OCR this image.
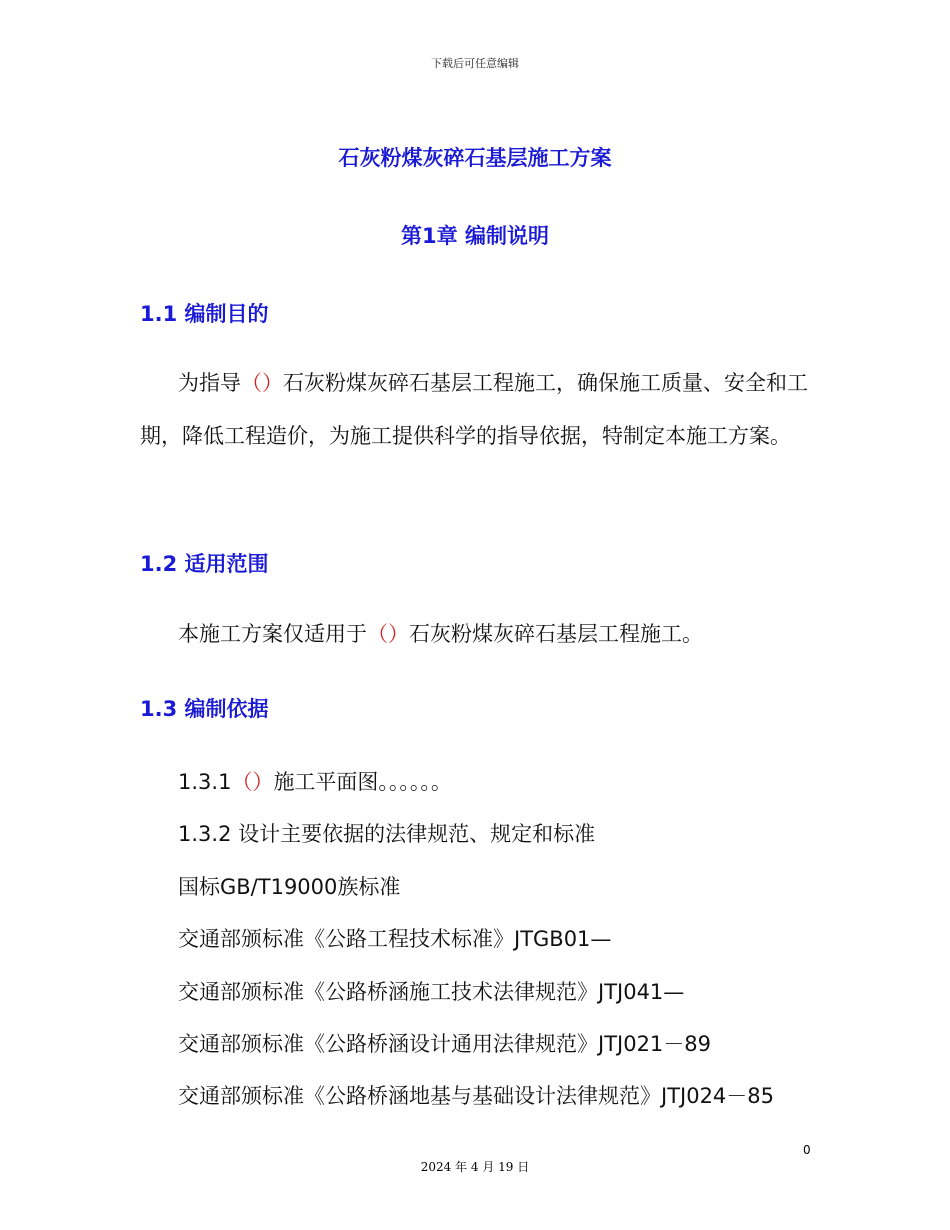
下载后可任意编辑
石灰粉煤灰碎石基层施工方案
第1章 编制说明
1.1 编制目的
为指导（）石灰粉煤灰碎石基层工程施工，确保施工质量、安全和工期，降低工程造价，为施工提供科学的指导依据，特制定本施工方案。
1.2 适用范围
本施工方案仅适用于（）石灰粉煤灰碎石基层工程施工。
1.3 编制依据
1.3.1（）施工平面图。。。。。。
1.3.2 设计主要依据的法律规范、规定和标准
国标GB/T19000族标准
交通部颁标准《公路工程技术标准》JTGB01—
交通部颁标准《公路桥涵施工技术法律规范》JTJ041—
交通部颁标准《公路桥涵设计通用法律规范》JTJ021－89
交通部颁标准《公路桥涵地基与基础设计法律规范》JTJ024－85
0
2024 年 4 月 19 日
